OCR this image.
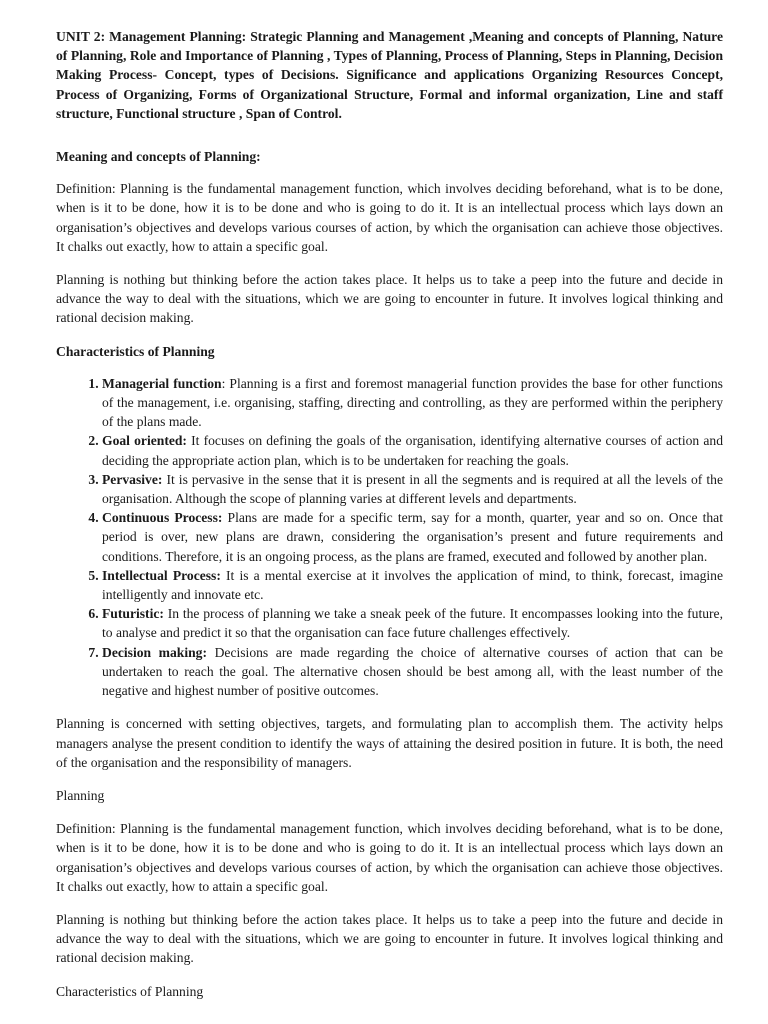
UNIT 2: Management Planning: Strategic Planning and Management ,Meaning and concepts of Planning, Nature of Planning, Role and Importance of Planning , Types of Planning, Process of Planning, Steps in Planning, Decision Making Process- Concept, types of Decisions. Significance and applications Organizing Resources Concept, Process of Organizing, Forms of Organizational Structure, Formal and informal organization, Line and staff structure, Functional structure , Span of Control.

Meaning and concepts of Planning:

Definition: Planning is the fundamental management function, which involves deciding beforehand, what is to be done, when is it to be done, how it is to be done and who is going to do it. It is an intellectual process which lays down an organisation’s objectives and develops various courses of action, by which the organisation can achieve those objectives. It chalks out exactly, how to attain a specific goal.

Planning is nothing but thinking before the action takes place. It helps us to take a peep into the future and decide in advance the way to deal with the situations, which we are going to encounter in future. It involves logical thinking and rational decision making.

Characteristics of Planning

1. Managerial function: Planning is a first and foremost managerial function provides the base for other functions of the management, i.e. organising, staffing, directing and controlling, as they are performed within the periphery of the plans made.
2. Goal oriented: It focuses on defining the goals of the organisation, identifying alternative courses of action and deciding the appropriate action plan, which is to be undertaken for reaching the goals.
3. Pervasive: It is pervasive in the sense that it is present in all the segments and is required at all the levels of the organisation. Although the scope of planning varies at different levels and departments.
4. Continuous Process: Plans are made for a specific term, say for a month, quarter, year and so on. Once that period is over, new plans are drawn, considering the organisation’s present and future requirements and conditions. Therefore, it is an ongoing process, as the plans are framed, executed and followed by another plan.
5. Intellectual Process: It is a mental exercise at it involves the application of mind, to think, forecast, imagine intelligently and innovate etc.
6. Futuristic: In the process of planning we take a sneak peek of the future. It encompasses looking into the future, to analyse and predict it so that the organisation can face future challenges effectively.
7. Decision making: Decisions are made regarding the choice of alternative courses of action that can be undertaken to reach the goal. The alternative chosen should be best among all, with the least number of the negative and highest number of positive outcomes.

Planning is concerned with setting objectives, targets, and formulating plan to accomplish them. The activity helps managers analyse the present condition to identify the ways of attaining the desired position in future. It is both, the need of the organisation and the responsibility of managers.

Planning

Definition: Planning is the fundamental management function, which involves deciding beforehand, what is to be done, when is it to be done, how it is to be done and who is going to do it. It is an intellectual process which lays down an organisation’s objectives and develops various courses of action, by which the organisation can achieve those objectives. It chalks out exactly, how to attain a specific goal.

Planning is nothing but thinking before the action takes place. It helps us to take a peep into the future and decide in advance the way to deal with the situations, which we are going to encounter in future. It involves logical thinking and rational decision making.

Characteristics of Planning
